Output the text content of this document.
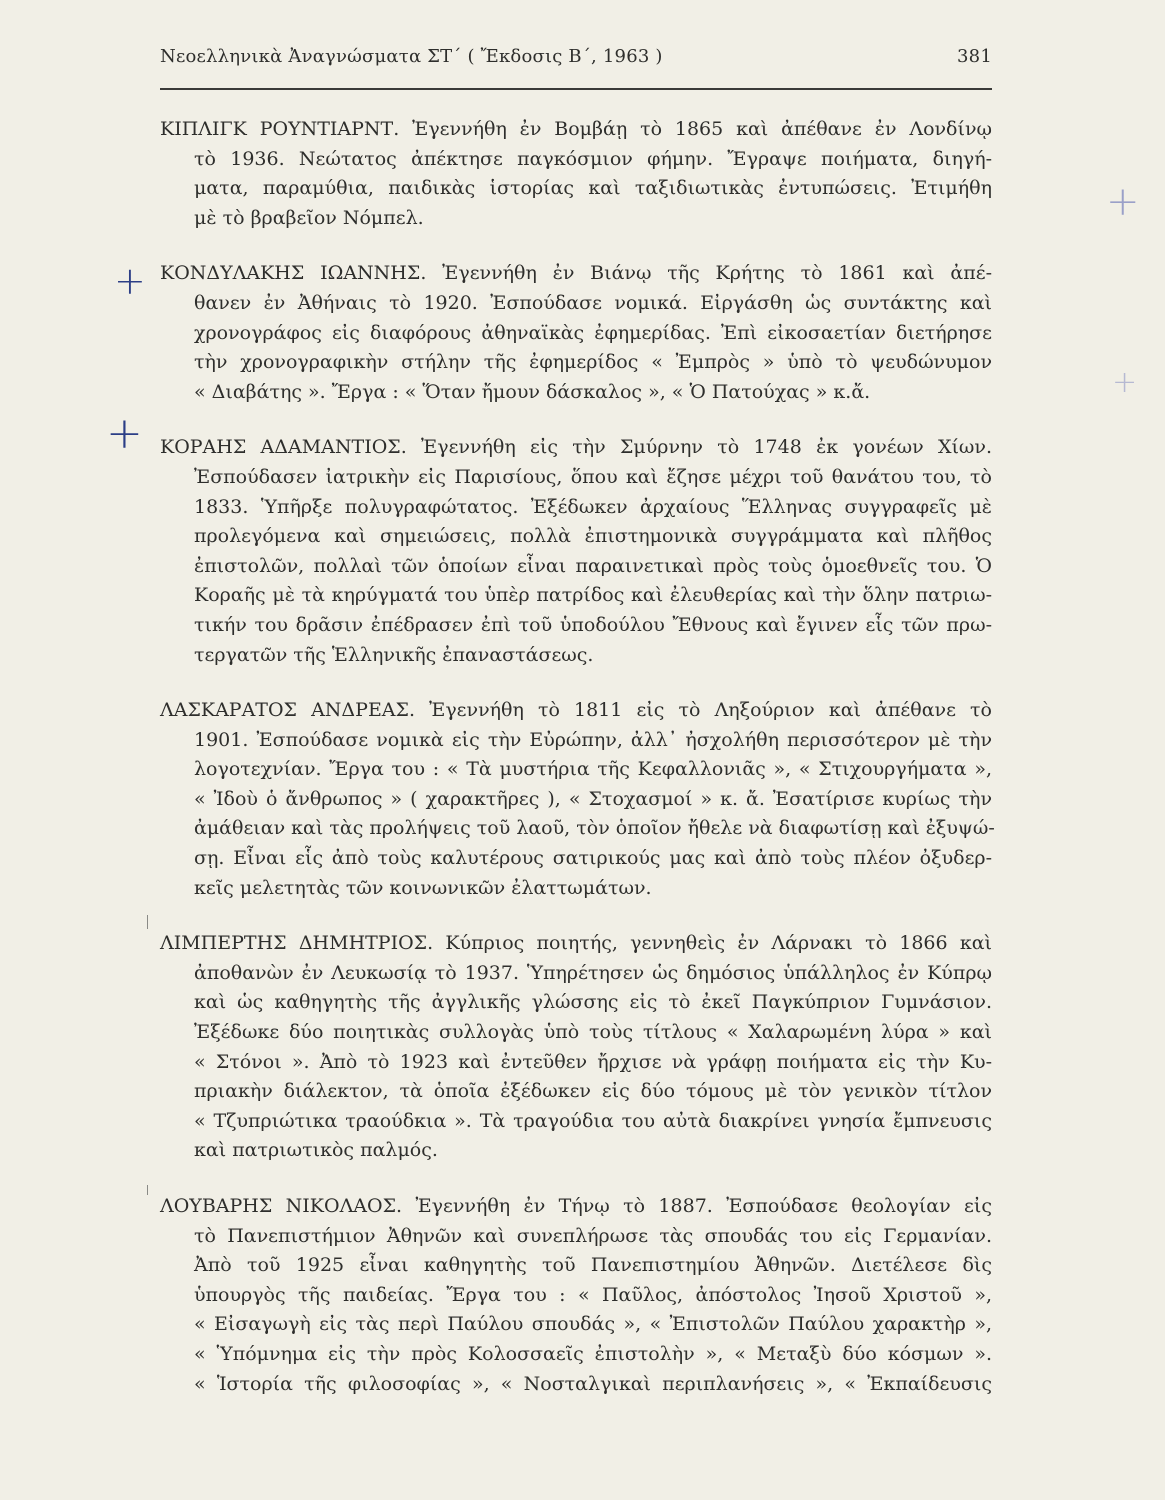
Νεοελληνικὰ Ἀναγνώσματα ΣΤ΄ ( Ἔκδοσις Β΄, 1963 )	381
ΚΙΠΛΙΓΚ ΡΟΥΝΤΙΑΡΝΤ. Ἐγεννήθη ἐν Βομβάῃ τὸ 1865 καὶ ἀπέθανε ἐν Λονδίνῳ
τὸ 1936. Νεώτατος ἀπέκτησε παγκόσμιον φήμην. Ἔγραψε ποιήματα, διηγή-
ματα, παραμύθια, παιδικὰς ἱστορίας καὶ ταξιδιωτικὰς ἐντυπώσεις. Ἐτιμήθη
μὲ τὸ βραβεῖον Νόμπελ.
ΚΟΝΔΥΛΑΚΗΣ ΙΩΑΝΝΗΣ. Ἐγεννήθη ἐν Βιάνῳ τῆς Κρήτης τὸ 1861 καὶ ἀπέ-
θανεν ἐν Ἀθήναις τὸ 1920. Ἐσπούδασε νομικά. Εἰργάσθη ὡς συντάκτης καὶ
χρονογράφος εἰς διαφόρους ἀθηναϊκὰς ἐφημερίδας. Ἐπὶ εἰκοσαετίαν διετήρησε
τὴν χρονογραφικὴν στήλην τῆς ἐφημερίδος « Ἐμπρὸς » ὑπὸ τὸ ψευδώνυμον
« Διαβάτης ». Ἔργα : « Ὅταν ἤμουν δάσκαλος », « Ὁ Πατούχας » κ.ἄ.
ΚΟΡΑΗΣ ΑΔΑΜΑΝΤΙΟΣ. Ἐγεννήθη εἰς τὴν Σμύρνην τὸ 1748 ἐκ γονέων Χίων.
Ἐσπούδασεν ἰατρικὴν εἰς Παρισίους, ὅπου καὶ ἔζησε μέχρι τοῦ θανάτου του, τὸ
1833. Ὑπῆρξε πολυγραφώτατος. Ἐξέδωκεν ἀρχαίους Ἕλληνας συγγραφεῖς μὲ
προλεγόμενα καὶ σημειώσεις, πολλὰ ἐπιστημονικὰ συγγράμματα καὶ πλῆθος
ἐπιστολῶν, πολλαὶ τῶν ὁποίων εἶναι παραινετικαὶ πρὸς τοὺς ὁμοεθνεῖς του. Ὁ
Κοραῆς μὲ τὰ κηρύγματά του ὑπὲρ πατρίδος καὶ ἐλευθερίας καὶ τὴν ὅλην πατριω-
τικήν του δρᾶσιν ἐπέδρασεν ἐπὶ τοῦ ὑποδούλου Ἔθνους καὶ ἔγινεν εἷς τῶν πρω-
τεργατῶν τῆς Ἑλληνικῆς ἐπαναστάσεως.
ΛΑΣΚΑΡΑΤΟΣ ΑΝΔΡΕΑΣ. Ἐγεννήθη τὸ 1811 εἰς τὸ Ληξούριον καὶ ἀπέθανε τὸ
1901. Ἐσπούδασε νομικὰ εἰς τὴν Εὐρώπην, ἀλλ᾿ ἠσχολήθη περισσότερον μὲ τὴν
λογοτεχνίαν. Ἔργα του : « Τὰ μυστήρια τῆς Κεφαλλονιᾶς », « Στιχουργήματα »,
« Ἰδοὺ ὁ ἄνθρωπος » ( χαρακτῆρες ), « Στοχασμοί » κ. ἄ. Ἐσατίρισε κυρίως τὴν
ἀμάθειαν καὶ τὰς προλήψεις τοῦ λαοῦ, τὸν ὁποῖον ἤθελε νὰ διαφωτίσῃ καὶ ἐξυψώ-
σῃ. Εἶναι εἷς ἀπὸ τοὺς καλυτέρους σατιρικούς μας καὶ ἀπὸ τοὺς πλέον ὀξυδερ-
κεῖς μελετητὰς τῶν κοινωνικῶν ἐλαττωμάτων.
ΛΙΜΠΕΡΤΗΣ ΔΗΜΗΤΡΙΟΣ. Κύπριος ποιητής, γεννηθεὶς ἐν Λάρνακι τὸ 1866 καὶ
ἀποθανὼν ἐν Λευκωσίᾳ τὸ 1937. Ὑπηρέτησεν ὡς δημόσιος ὑπάλληλος ἐν Κύπρῳ
καὶ ὡς καθηγητὴς τῆς ἀγγλικῆς γλώσσης εἰς τὸ ἐκεῖ Παγκύπριον Γυμνάσιον.
Ἐξέδωκε δύο ποιητικὰς συλλογὰς ὑπὸ τοὺς τίτλους « Χαλαρωμένη λύρα » καὶ
« Στόνοι ». Ἀπὸ τὸ 1923 καὶ ἐντεῦθεν ἤρχισε νὰ γράφῃ ποιήματα εἰς τὴν Κυ-
πριακὴν διάλεκτον, τὰ ὁποῖα ἐξέδωκεν εἰς δύο τόμους μὲ τὸν γενικὸν τίτλον
« Τζυπριώτικα τραούδκια ». Τὰ τραγούδια του αὐτὰ διακρίνει γνησία ἔμπνευσις
καὶ πατριωτικὸς παλμός.
ΛΟΥΒΑΡΗΣ ΝΙΚΟΛΑΟΣ. Ἐγεννήθη ἐν Τήνῳ τὸ 1887. Ἐσπούδασε θεολογίαν εἰς
τὸ Πανεπιστήμιον Ἀθηνῶν καὶ συνεπλήρωσε τὰς σπουδάς του εἰς Γερμανίαν.
Ἀπὸ τοῦ 1925 εἶναι καθηγητὴς τοῦ Πανεπιστημίου Ἀθηνῶν. Διετέλεσε δὶς
ὑπουργὸς τῆς παιδείας. Ἔργα του : « Παῦλος, ἀπόστολος Ἰησοῦ Χριστοῦ »,
« Εἰσαγωγὴ εἰς τὰς περὶ Παύλου σπουδάς », « Ἐπιστολῶν Παύλου χαρακτὴρ »,
« Ὑπόμνημα εἰς τὴν πρὸς Κολοσσαεῖς ἐπιστολὴν », « Μεταξὺ δύο κόσμων ».
« Ἱστορία τῆς φιλοσοφίας », « Νοσταλγικαὶ περιπλανήσεις », « Ἐκπαίδευσις
+
+
+
+
